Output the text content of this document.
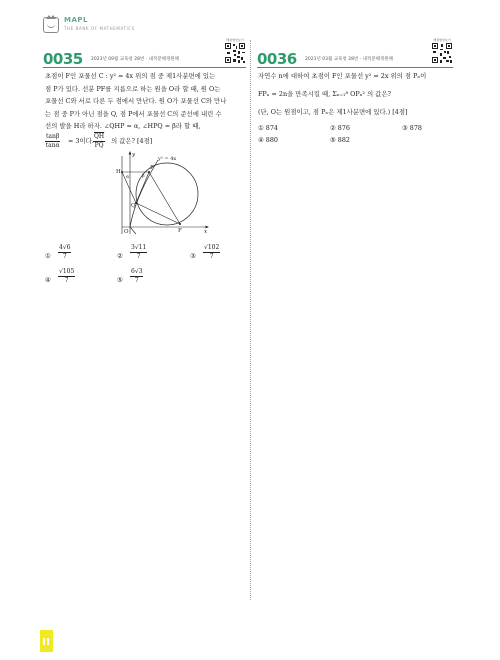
MAPL
THE BANK OF MATHEMATICS
0035 2023년 09월 교육청 28번 · 내적분해정원해
해설영상보기
초점이 F인 포물선 C : y² = 4x 위의 점 중 제1사분면에 있는
점 P가 있다. 선분 PF를 지름으로 하는 원을 O라 할 때, 원 O는
포물선 C와 서로 다른 두 점에서 만난다. 원 O가 포물선 C와 만나
는 점 중 P가 아닌 점을 Q, 점 P에서 포물선 C의 준선에 내린 수
선의 발을 H라 하자. ∠QHP = α, ∠HPQ = β라 할 때,
$\frac{\tan\beta}{\tan\alpha} = 3$이다. $\frac{\overline{QH}}{PQ}$ 의 값은? [4점]
y² = 4x
H
P
Q
O	F	x
y
β
α
① $\frac{4√6}{7}$	② $\frac{3√11}{7}$	③ $\frac{√102}{7}$
④ $\frac{√105}{7}$	⑤ $\frac{6√3}{7}$
0036 2021년 03월 교육청 28번 · 내적분해정원해
해설영상보기
자연수 n에 대하여 초점이 F인 포물선 y² = 2x 위의 점 Pₙ이
FPₙ = 2n을 만족시킬 때, Σₙ₌₁⁸ OPₙ² 의 값은?
(단, O는 원점이고, 점 Pₙ은 제1사분면에 있다.) [4점]
① 874	② 876	③ 878
④ 880	⑤ 882
